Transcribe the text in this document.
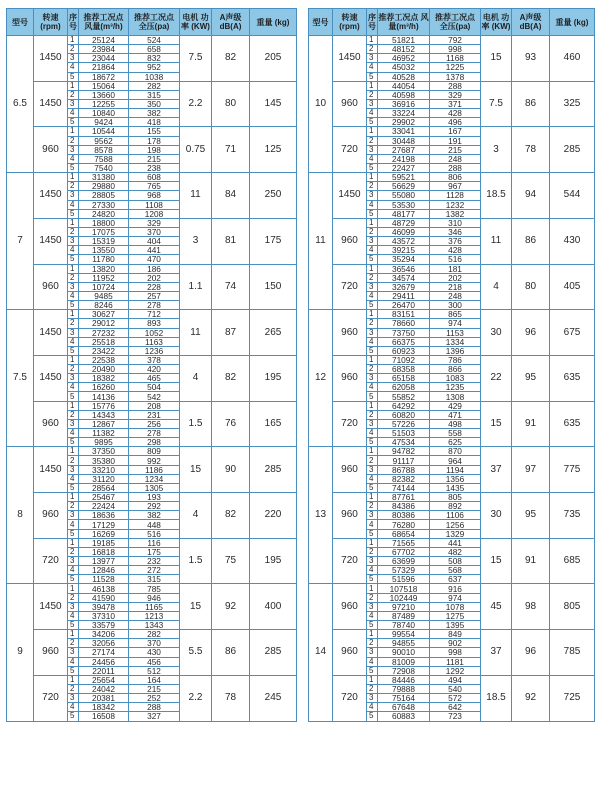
型号	转速 (rpm)	序号	推荐工况点 风量(m³/h)	推荐工况点 全压(pa)	电机 功率 (KW)	A声级 dB(A)	重量 (kg)
6.5	1450	1	25124	524	7.5	82	205
		2	23984	658			
		3	23044	832			
		4	21864	952			
		5	18672	1038			
	1450	1	15064	282	2.2	80	145
		2	13660	315			
		3	12255	350			
		4	10840	382			
		5	9424	418			
	960	1	10544	155	0.75	71	125
		2	9562	178			
		3	8578	198			
		4	7588	215			
		5	7540	238			
7	1450	1	31380	608	11	84	250
		2	29880	765			
		3	28805	968			
		4	27330	1108			
		5	24820	1208			
	1450	1	18800	329	3	81	175
		2	17075	370			
		3	15319	404			
		4	13550	441			
		5	11780	470			
	960	1	13820	186	1.1	74	150
		2	11952	202			
		3	10724	228			
		4	9485	257			
		5	8246	278			
7.5	1450	1	30627	712	11	87	265
		2	29012	893			
		3	27232	1052			
		4	25518	1163			
		5	23422	1236			
	1450	1	22538	378	4	82	195
		2	20490	420			
		3	18382	465			
		4	16260	504			
		5	14136	542			
	960	1	15776	208	1.5	76	165
		2	14343	231			
		3	12867	256			
		4	11382	278			
		5	9895	298			
8	1450	1	37350	809	15	90	285
		2	35380	992			
		3	33210	1186			
		4	31120	1234			
		5	28564	1305			
	960	1	25467	193	4	82	220
		2	22424	292			
		3	18636	382			
		4	17129	448			
		5	16269	516			
	720	1	19185	116	1.5	75	195
		2	16818	175			
		3	13977	232			
		4	12846	272			
		5	11528	315			
9	1450	1	46138	785	15	92	400
		2	41590	946			
		3	39478	1165			
		4	37310	1213			
		5	33579	1343			
	960	1	34206	282	5.5	86	285
		2	32056	370			
		3	27174	430			
		4	24456	456			
		5	22011	512			
	720	1	25654	164	2.2	78	245
		2	24042	215			
		3	20381	252			
		4	18342	288			
		5	16508	327			
型号	转速 (rpm)	序号	推荐工况点 风量(m³/h)	推荐工况点 全压(pa)	电机 功率 (KW)	A声级 dB(A)	重量 (kg)
10	1450	1	51821	792	15	93	460
		2	48152	998			
		3	46952	1168			
		4	45032	1225			
		5	40528	1378			
	960	1	44054	288	7.5	86	325
		2	40598	329			
		3	36916	371			
		4	33224	428			
		5	29902	496			
	720	1	33041	167	3	78	285
		2	30448	191			
		3	27687	215			
		4	24198	248			
		5	22427	288			
11	1450	1	59521	806	18.5	94	544
		2	56629	967			
		3	55080	1128			
		4	53530	1232			
		5	48177	1382			
	960	1	48729	310	11	86	430
		2	46099	346			
		3	43572	376			
		4	39215	428			
		5	35294	516			
	720	1	36546	181	4	80	405
		2	34574	202			
		3	32679	218			
		4	29411	248			
		5	26470	300			
12	960	1	83151	865	30	96	675
		2	78660	974			
		3	73750	1153			
		4	66375	1334			
		5	60923	1396			
	960	1	71092	786	22	95	635
		2	68358	866			
		3	65158	1083			
		4	62058	1235			
		5	55852	1308			
	720	1	64292	429	15	91	635
		2	60820	471			
		3	57226	498			
		4	51503	558			
		5	47534	625			
13	960	1	94782	870	37	97	775
		2	91117	964			
		3	86788	1194			
		4	82382	1356			
		5	74144	1435			
	960	1	87761	805	30	95	735
		2	84386	892			
		3	80386	1106			
		4	76280	1256			
		5	68654	1329			
	720	1	71565	441	15	91	685
		2	67702	482			
		3	63699	508			
		4	57329	568			
		5	51596	637			
14	960	1	107518	916	45	98	805
		2	102449	974			
		3	97210	1078			
		4	87489	1275			
		5	78740	1395			
	960	1	99554	849	37	96	785
		2	94855	902			
		3	90010	998			
		4	81009	1181			
		5	72908	1292			
	720	1	84446	494	18.5	92	725
		2	79888	540			
		3	75164	572			
		4	67648	642			
		5	60883	723			
